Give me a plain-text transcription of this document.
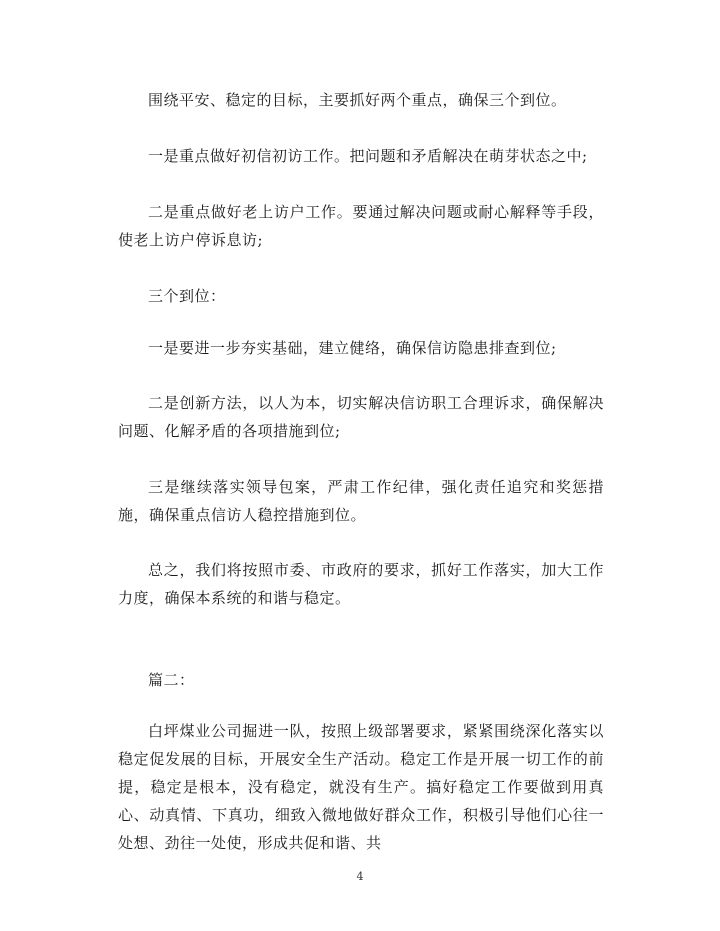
围绕平安、稳定的目标，主要抓好两个重点，确保三个到位。

一是重点做好初信初访工作。把问题和矛盾解决在萌芽状态之中;

二是重点做好老上访户工作。要通过解决问题或耐心解释等手段，使老上访户停诉息访;

三个到位：

一是要进一步夯实基础，建立健络，确保信访隐患排查到位;

二是创新方法，以人为本，切实解决信访职工合理诉求，确保解决问题、化解矛盾的各项措施到位;

三是继续落实领导包案，严肃工作纪律，强化责任追究和奖惩措施，确保重点信访人稳控措施到位。

总之，我们将按照市委、市政府的要求，抓好工作落实，加大工作力度，确保本系统的和谐与稳定。

篇二：

白坪煤业公司掘进一队，按照上级部署要求，紧紧围绕深化落实以稳定促发展的目标，开展安全生产活动。稳定工作是开展一切工作的前提，稳定是根本，没有稳定，就没有生产。搞好稳定工作要做到用真心、动真情、下真功，细致入微地做好群众工作，积极引导他们心往一处想、劲往一处使，形成共促和谐、共

4
